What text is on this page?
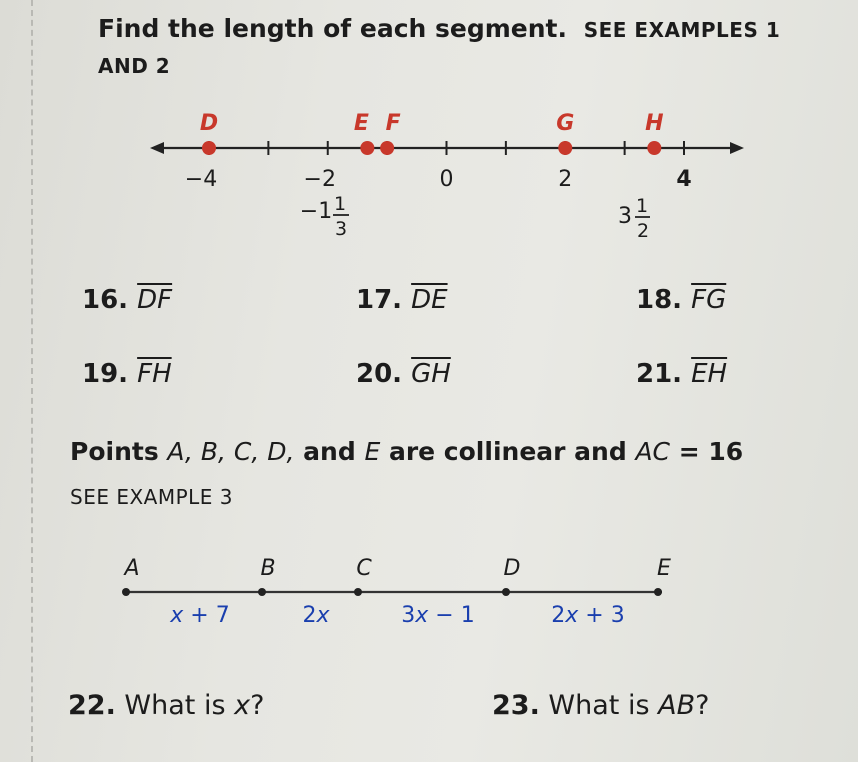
Find the length of each segment. SEE EXAMPLES 1
AND 2
D	E F	G	H
−4	−2	0	2	4
−1 1
3	3 1
2
A	B	C	D	E
x + 7	2x	3x − 1	2x + 3
16. $\overline{DF}$	17. $\overline{DE}$	18. $\overline{FG}$
19. $\overline{FH}$	20. $\overline{GH}$	21. $\overline{EH}$
Points A, B, C, D, and E are collinear and AC = 16
SEE EXAMPLE 3
22. What is x?	23. What is AB?
